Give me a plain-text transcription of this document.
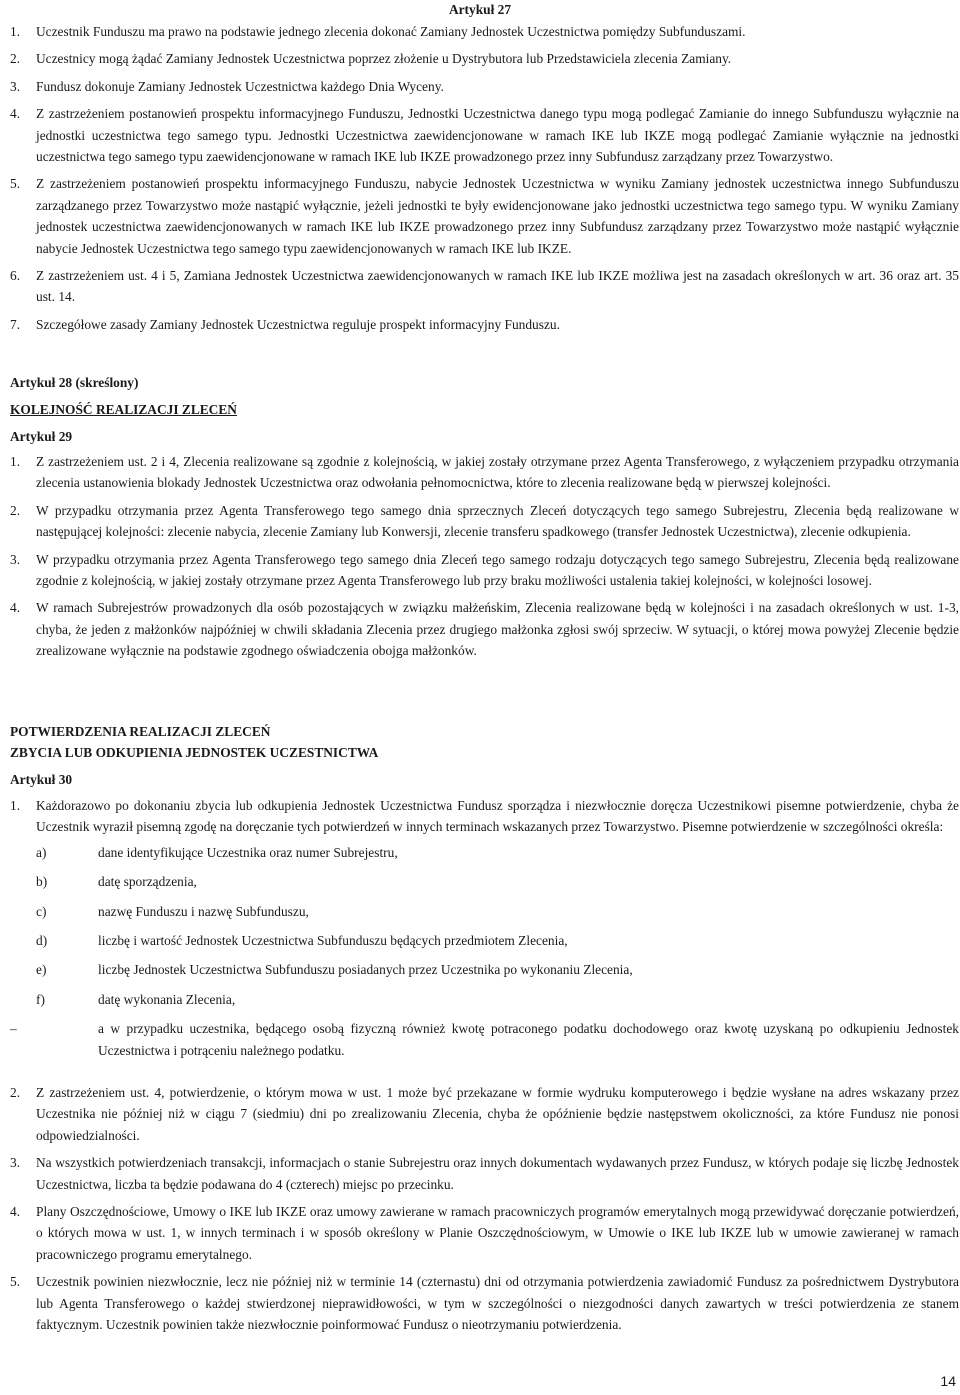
Artykuł 27
1.	Uczestnik Funduszu ma prawo na podstawie jednego zlecenia dokonać Zamiany Jednostek Uczestnictwa pomiędzy Subfunduszami.
2.	Uczestnicy mogą żądać Zamiany Jednostek Uczestnictwa poprzez złożenie u Dystrybutora lub Przedstawiciela zlecenia Zamiany.
3.	Fundusz dokonuje Zamiany Jednostek Uczestnictwa każdego Dnia Wyceny.
4.	Z zastrzeżeniem postanowień prospektu informacyjnego Funduszu, Jednostki Uczestnictwa danego typu mogą podlegać Zamianie do innego Subfunduszu wyłącznie na jednostki uczestnictwa tego samego typu. Jednostki Uczestnictwa zaewidencjonowane w ramach IKE lub IKZE mogą podlegać Zamianie wyłącznie na jednostki uczestnictwa tego samego typu zaewidencjonowane w ramach IKE lub IKZE prowadzonego przez inny Subfundusz zarządzany przez Towarzystwo.
5.	Z zastrzeżeniem postanowień prospektu informacyjnego Funduszu, nabycie Jednostek Uczestnictwa w wyniku Zamiany jednostek uczestnictwa innego Subfunduszu zarządzanego przez Towarzystwo może nastąpić wyłącznie, jeżeli jednostki te były ewidencjonowane jako jednostki uczestnictwa tego samego typu. W wyniku Zamiany jednostek uczestnictwa zaewidencjonowanych w ramach IKE lub IKZE prowadzonego przez inny Subfundusz zarządzany przez Towarzystwo może nastąpić wyłącznie nabycie Jednostek Uczestnictwa tego samego typu zaewidencjonowanych w ramach IKE lub IKZE.
6.	Z zastrzeżeniem ust. 4 i 5, Zamiana Jednostek Uczestnictwa zaewidencjonowanych w ramach IKE lub IKZE możliwa jest na zasadach określonych w art. 36 oraz art. 35 ust. 14.
7.	Szczegółowe zasady Zamiany Jednostek Uczestnictwa reguluje prospekt informacyjny Funduszu.
Artykuł 28 (skreślony)
KOLEJNOŚĆ REALIZACJI ZLECEŃ
Artykuł 29
1.	Z zastrzeżeniem ust. 2 i 4, Zlecenia realizowane są zgodnie z kolejnością, w jakiej zostały otrzymane przez Agenta Transferowego, z wyłączeniem przypadku otrzymania zlecenia ustanowienia blokady Jednostek Uczestnictwa oraz odwołania pełnomocnictwa, które to zlecenia realizowane będą w pierwszej kolejności.
2.	W przypadku otrzymania przez Agenta Transferowego tego samego dnia sprzecznych Zleceń dotyczących tego samego Subrejestru, Zlecenia będą realizowane w następującej kolejności: zlecenie nabycia, zlecenie Zamiany lub Konwersji, zlecenie transferu spadkowego (transfer Jednostek Uczestnictwa), zlecenie odkupienia.
3.	W przypadku otrzymania przez Agenta Transferowego tego samego dnia Zleceń tego samego rodzaju dotyczących tego samego Subrejestru, Zlecenia będą realizowane zgodnie z kolejnością, w jakiej zostały otrzymane przez Agenta Transferowego lub przy braku możliwości ustalenia takiej kolejności, w kolejności losowej.
4.	W ramach Subrejestrów prowadzonych dla osób pozostających w związku małżeńskim, Zlecenia realizowane będą w kolejności i na zasadach określonych w ust. 1-3, chyba, że jeden z małżonków najpóźniej w chwili składania Zlecenia przez drugiego małżonka zgłosi swój sprzeciw. W sytuacji, o której mowa powyżej Zlecenie będzie zrealizowane wyłącznie na podstawie zgodnego oświadczenia obojga małżonków.
POTWIERDZENIA REALIZACJI ZLECEŃ
ZBYCIA LUB ODKUPIENIA JEDNOSTEK UCZESTNICTWA
Artykuł 30
1.	Każdorazowo po dokonaniu zbycia lub odkupienia Jednostek Uczestnictwa Fundusz sporządza i niezwłocznie doręcza Uczestnikowi pisemne potwierdzenie, chyba że Uczestnik wyraził pisemną zgodę na doręczanie tych potwierdzeń w innych terminach wskazanych przez Towarzystwo. Pisemne potwierdzenie w szczególności określa:
a)	dane identyfikujące Uczestnika oraz numer Subrejestru,
b)	datę sporządzenia,
c)	nazwę Funduszu i nazwę Subfunduszu,
d)	liczbę i wartość Jednostek Uczestnictwa Subfunduszu będących przedmiotem Zlecenia,
e)	liczbę Jednostek Uczestnictwa Subfunduszu posiadanych przez Uczestnika po wykonaniu Zlecenia,
f)	datę wykonania Zlecenia,
–	a w przypadku uczestnika, będącego osobą fizyczną również kwotę potraconego podatku dochodowego oraz kwotę uzyskaną po odkupieniu Jednostek Uczestnictwa i potrąceniu należnego podatku.
2.	Z zastrzeżeniem ust. 4, potwierdzenie, o którym mowa w ust. 1 może być przekazane w formie wydruku komputerowego i będzie wysłane na adres wskazany przez Uczestnika nie później niż w ciągu 7 (siedmiu) dni po zrealizowaniu Zlecenia, chyba że opóźnienie będzie następstwem okoliczności, za które Fundusz nie ponosi odpowiedzialności.
3.	Na wszystkich potwierdzeniach transakcji, informacjach o stanie Subrejestru oraz innych dokumentach wydawanych przez Fundusz, w których podaje się liczbę Jednostek Uczestnictwa, liczba ta będzie podawana do 4 (czterech) miejsc po przecinku.
4.	Plany Oszczędnościowe, Umowy o IKE lub IKZE oraz umowy zawierane w ramach pracowniczych programów emerytalnych mogą przewidywać doręczanie potwierdzeń, o których mowa w ust. 1, w innych terminach i w sposób określony w Planie Oszczędnościowym, w Umowie o IKE lub IKZE lub w umowie zawieranej w ramach pracowniczego programu emerytalnego.
5.	Uczestnik powinien niezwłocznie, lecz nie później niż w terminie 14 (czternastu) dni od otrzymania potwierdzenia zawiadomić Fundusz za pośrednictwem Dystrybutora lub Agenta Transferowego o każdej stwierdzonej nieprawidłowości, w tym w szczególności o niezgodności danych zawartych w treści potwierdzenia ze stanem faktycznym. Uczestnik powinien także niezwłocznie poinformować Fundusz o nieotrzymaniu potwierdzenia.
14
